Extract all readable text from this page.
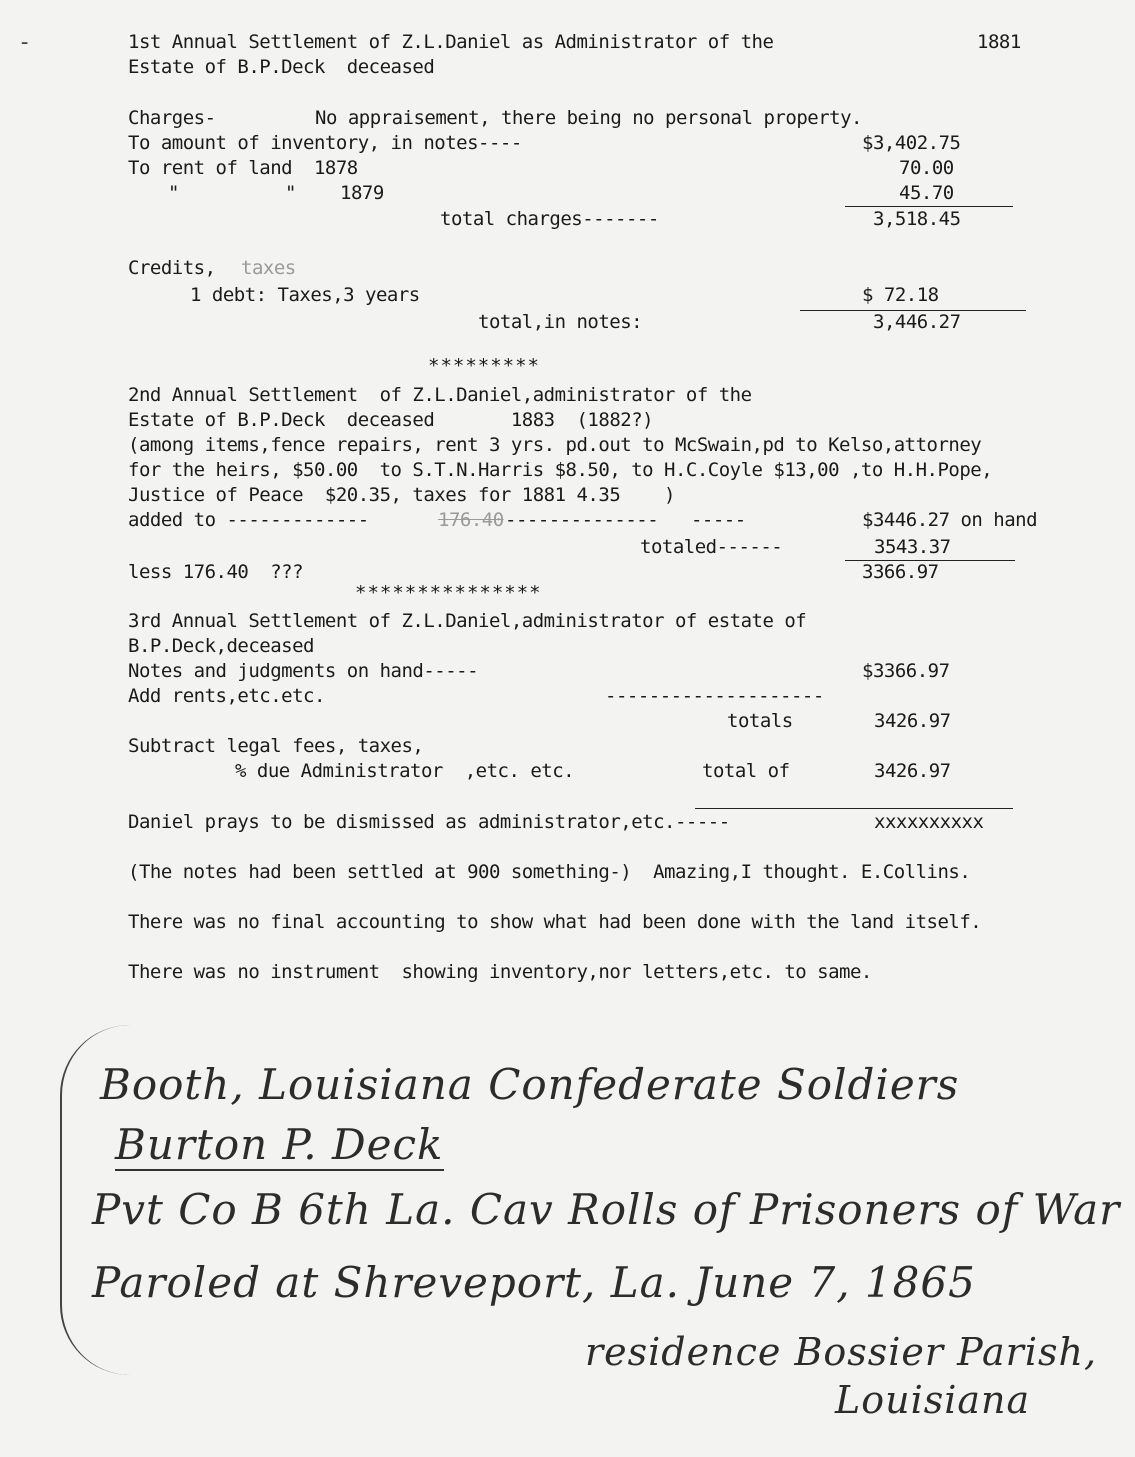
1st Annual Settlement of Z.L.Daniel as Administrator of the	1881
Estate of B.P.Deck  deceased
Charges-	No appraisement, there being no personal property.
To amount of inventory, in notes----	$3,402.75
To rent of land  1878	70.00
"	" 1879	45.70
total charges-------	3,518.45
Credits, taxes
1 debt: Taxes,3 years	$ 72.18
total,in notes:	3,446.27
*********
2nd Annual Settlement  of Z.L.Daniel,administrator of the
Estate of B.P.Deck  deceased       1883  (1882?)
(among items,fence repairs, rent 3 yrs. pd.out to McSwain,pd to Kelso,attorney
for the heirs, $50.00  to S.T.N.Harris $8.50, to H.C.Coyle $13,00 ,to H.H.Pope,
Justice of Peace  $20.35, taxes for 1881 4.35    )
added to -------------	176.40 --------------   -----	$3446.27 on hand
totaled------	3543.37
less 176.40  ???	3366.97
***************
3rd Annual Settlement of Z.L.Daniel,administrator of estate of
B.P.Deck,deceased
Notes and judgments on hand-----	$3366.97
Add rents,etc.etc.	--------------------
totals	3426.97
Subtract legal fees, taxes,
% due Administrator  ,etc. etc.	total of	3426.97
Daniel prays to be dismissed as administrator,etc.-----	xxxxxxxxxx
(The notes had been settled at 900 something-)  Amazing,I thought. E.Collins.
There was no final accounting to show what had been done with the land itself.
There was no instrument  showing inventory,nor letters,etc. to same.
Booth, Louisiana Confederate Soldiers
Burton P. Deck
Pvt Co B 6th La. Cav Rolls of Prisoners of War
Paroled at Shreveport, La. June 7, 1865
residence Bossier Parish,
Louisiana
-
